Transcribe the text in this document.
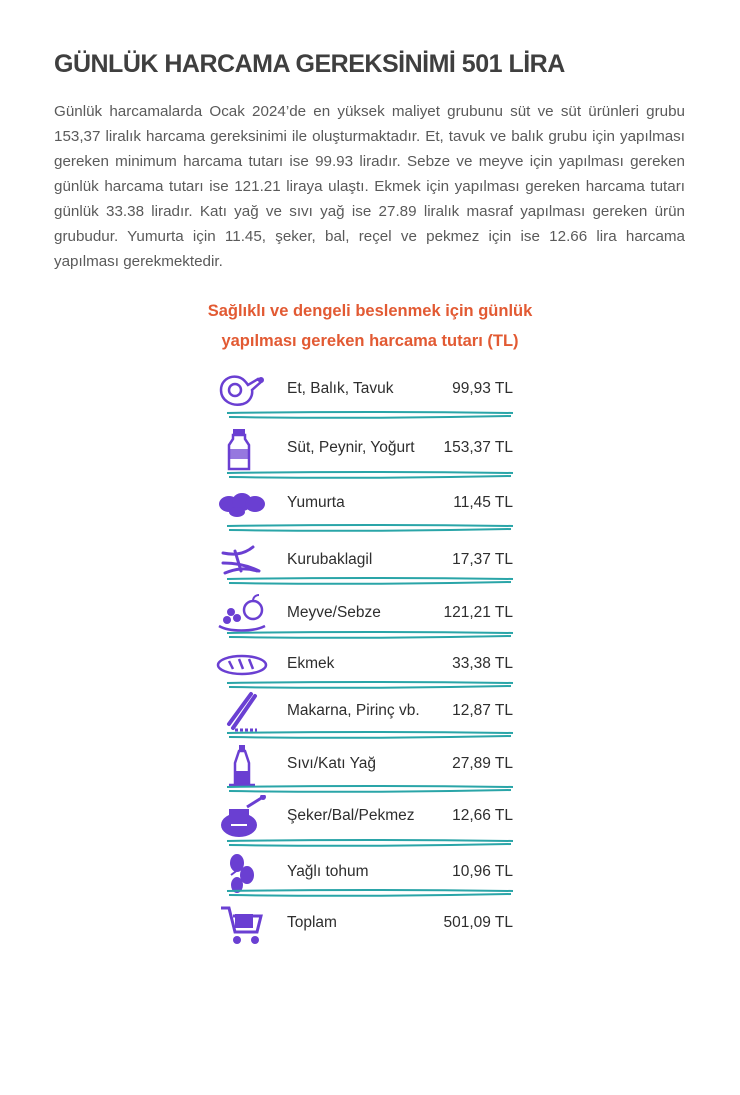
GÜNLÜK HARCAMA GEREKSİNİMİ 501 LİRA

Günlük harcamalarda Ocak 2024’de en yüksek maliyet grubunu süt ve süt ürünleri grubu 153,37 liralık harcama gereksinimi ile oluşturmaktadır. Et, tavuk ve balık grubu için yapılması gereken minimum harcama tutarı ise 99.93 liradır. Sebze ve meyve için yapılması gereken günlük harcama tutarı ise 121.21 liraya ulaştı. Ekmek için yapılması gereken harcama tutarı günlük 33.38 liradır. Katı yağ ve sıvı yağ ise 27.89 liralık masraf yapılması gereken ürün grubudur. Yumurta için 11.45, şeker, bal, reçel ve pekmez için ise 12.66 lira harcama yapılması gerekmektedir.

Sağlıklı ve dengeli beslenmek için günlük
yapılması gereken harcama tutarı (TL)
Et, Balık, Tavuk	99,93 TL
Süt, Peynir, Yoğurt 153,37 TL
Yumurta	11,45 TL
Kurubaklagil	17,37 TL
Meyve/Sebze	121,21 TL
Ekmek	33,38 TL
Makarna, Pirinç vb. 12,87 TL
Sıvı/Katı Yağ	27,89 TL
Şeker/Bal/Pekmez 12,66 TL
Yağlı tohum	10,96 TL
Toplam	501,09 TL
